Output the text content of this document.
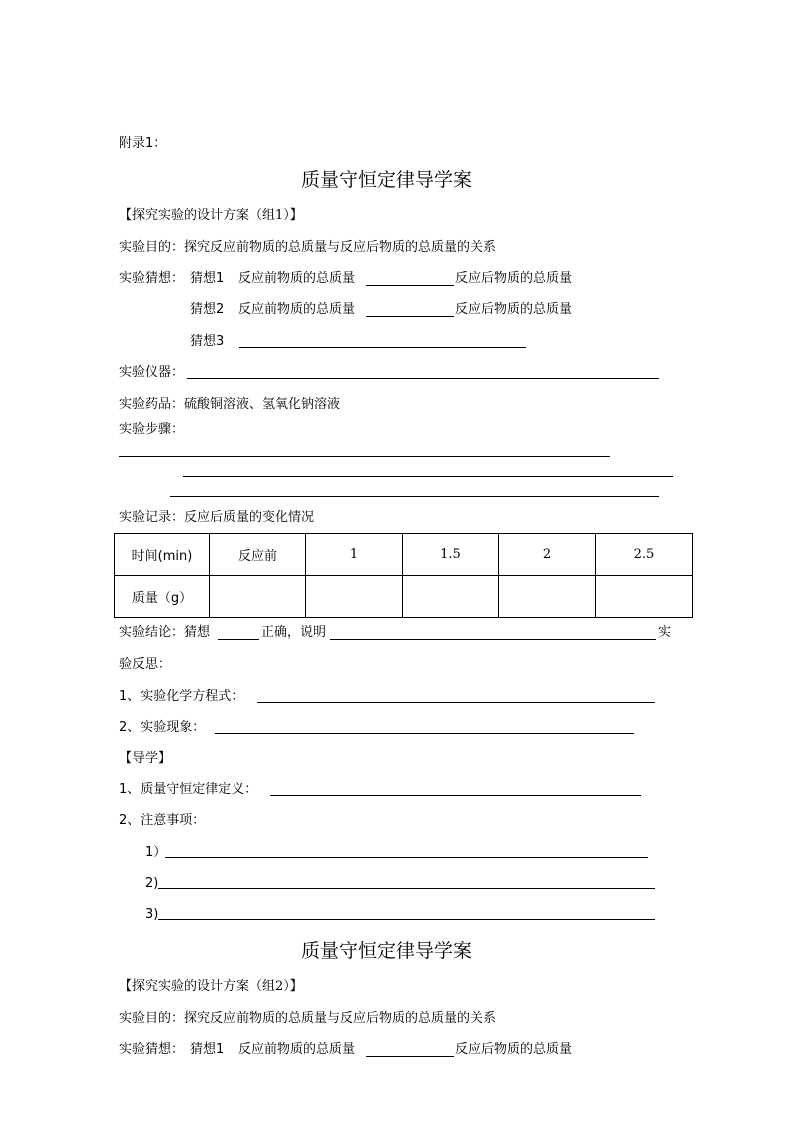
附录1：
质量守恒定律导学案
【探究实验的设计方案（组1）】
实验目的：探究反应前物质的总质量与反应后物质的总质量的关系
实验猜想： 猜想1 反应前物质的总质量	反应后物质的总质量
猜想2 反应前物质的总质量	反应后物质的总质量
猜想3
实验仪器：
实验药品：硫酸铜溶液、氢氧化钠溶液
实验步骤：
实验记录：反应后质量的变化情况
时间(min)	反应前	1	1.5	2	2.5
质量（g）					
实验结论：猜想	正确，说明	实
验反思：
1、实验化学方程式：
2、实验现象：
【导学】
1、质量守恒定律定义：
2、注意事项：
1）
2)
3)
质量守恒定律导学案
【探究实验的设计方案（组2）】
实验目的：探究反应前物质的总质量与反应后物质的总质量的关系
实验猜想： 猜想1 反应前物质的总质量	反应后物质的总质量
